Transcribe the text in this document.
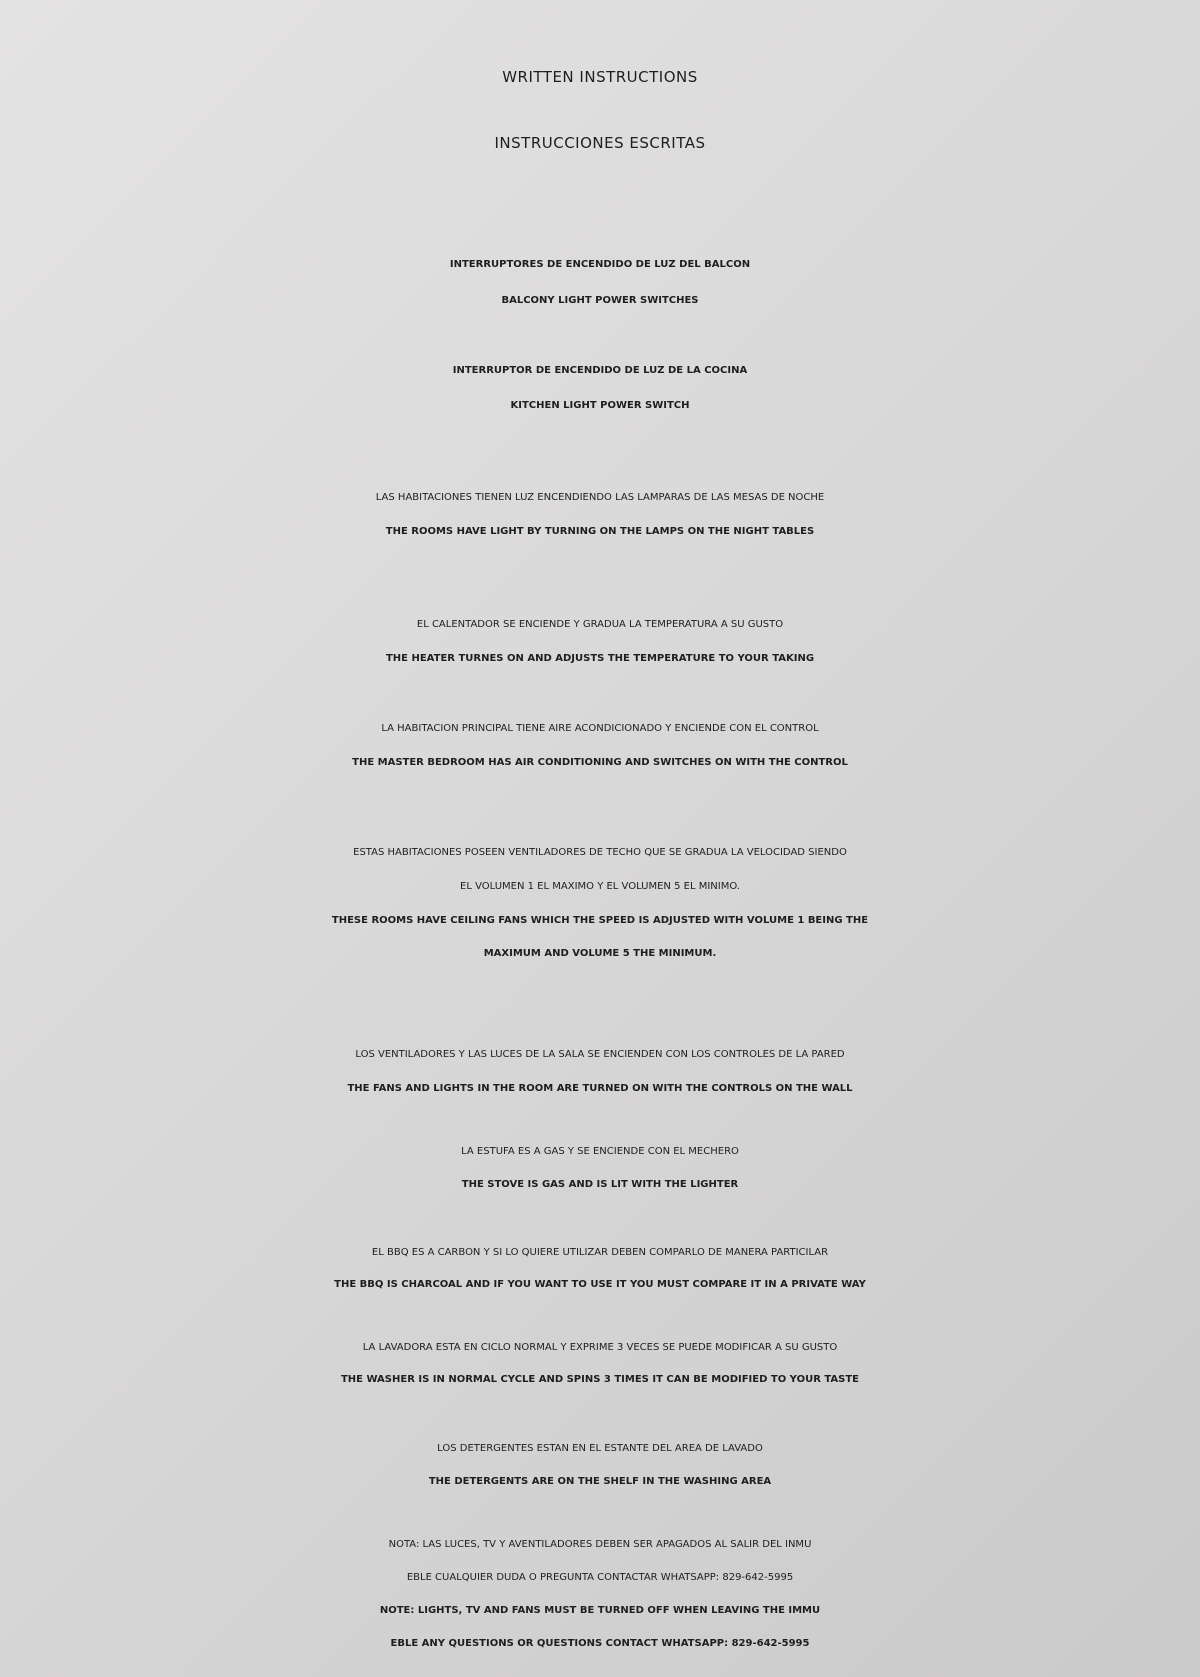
WRITTEN INSTRUCTIONS
INSTRUCCIONES ESCRITAS
INTERRUPTORES DE ENCENDIDO DE LUZ DEL BALCON
BALCONY LIGHT POWER SWITCHES
INTERRUPTOR DE ENCENDIDO DE LUZ DE LA COCINA
KITCHEN LIGHT POWER SWITCH
LAS HABITACIONES TIENEN LUZ ENCENDIENDO LAS LAMPARAS DE LAS MESAS DE NOCHE
THE ROOMS HAVE LIGHT BY TURNING ON THE LAMPS ON THE NIGHT TABLES
EL CALENTADOR SE ENCIENDE Y GRADUA LA TEMPERATURA A SU GUSTO
THE HEATER TURNES ON AND ADJUSTS THE TEMPERATURE TO YOUR TAKING
LA HABITACION PRINCIPAL TIENE AIRE ACONDICIONADO Y ENCIENDE CON EL CONTROL
THE MASTER BEDROOM HAS AIR CONDITIONING AND SWITCHES ON WITH THE CONTROL
ESTAS HABITACIONES POSEEN VENTILADORES DE TECHO QUE SE GRADUA LA VELOCIDAD SIENDO
EL VOLUMEN 1 EL MAXIMO Y EL VOLUMEN 5 EL MINIMO.
THESE ROOMS HAVE CEILING FANS WHICH THE SPEED IS ADJUSTED WITH VOLUME 1 BEING THE
MAXIMUM AND VOLUME 5 THE MINIMUM.
LOS VENTILADORES Y LAS LUCES DE LA SALA SE ENCIENDEN CON LOS CONTROLES DE LA PARED
THE FANS AND LIGHTS IN THE ROOM ARE TURNED ON WITH THE CONTROLS ON THE WALL
LA ESTUFA ES A GAS Y SE ENCIENDE CON EL MECHERO
THE STOVE IS GAS AND IS LIT WITH THE LIGHTER
EL BBQ ES A CARBON Y SI LO QUIERE UTILIZAR DEBEN COMPARLO DE MANERA PARTICILAR
THE BBQ IS CHARCOAL AND IF YOU WANT TO USE IT YOU MUST COMPARE IT IN A PRIVATE WAY
LA LAVADORA ESTA EN CICLO NORMAL Y EXPRIME 3 VECES SE PUEDE MODIFICAR A SU GUSTO
THE WASHER IS IN NORMAL CYCLE AND SPINS 3 TIMES IT CAN BE MODIFIED TO YOUR TASTE
LOS DETERGENTES ESTAN EN EL ESTANTE DEL AREA DE LAVADO
THE DETERGENTS ARE ON THE SHELF IN THE WASHING AREA
NOTA: LAS LUCES, TV Y AVENTILADORES DEBEN SER APAGADOS AL SALIR DEL INMU
EBLE CUALQUIER DUDA O PREGUNTA CONTACTAR WHATSAPP: 829-642-5995
NOTE: LIGHTS, TV AND FANS MUST BE TURNED OFF WHEN LEAVING THE IMMU
EBLE ANY QUESTIONS OR QUESTIONS CONTACT WHATSAPP: 829-642-5995
